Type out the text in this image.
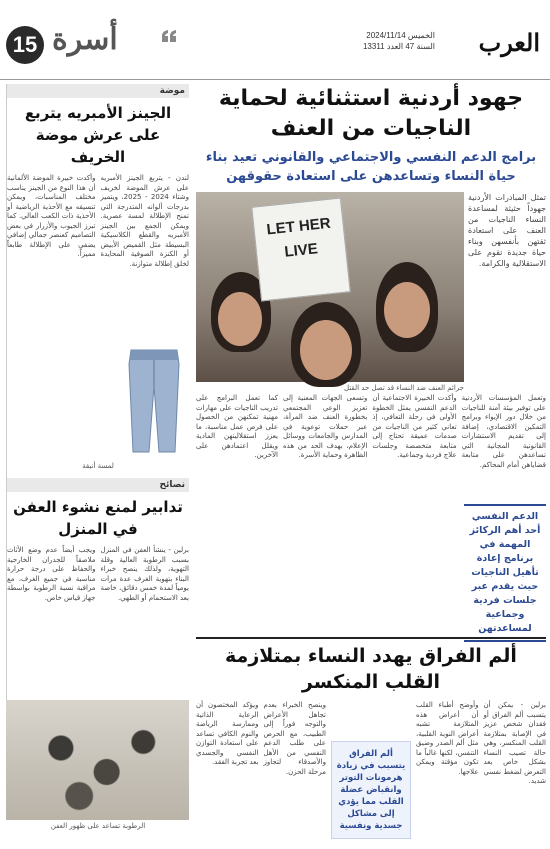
15 أسرة	الخميس 2024/11/14
السنة 47 العدد 13311 العرب
جهود أردنية استثنائية لحماية الناجيات من العنف
برامج الدعم النفسي والاجتماعي والقانوني تعيد بناء حياة النساء وتساعدهن على استعادة حقوقهن
تمثل المبادرات الأردنية جهوداً حثيثة لمساعدة النساء الناجيات من العنف على استعادة ثقتهن بأنفسهن وبناء حياة جديدة تقوم على الاستقلالية والكرامة.
LET HER
LIVE
جرائم العنف ضد النساء قد تصل حد القتل
وتعمل المؤسسات الأردنية على توفير بيئة آمنة للناجيات من خلال دور الإيواء وبرامج التمكين الاقتصادي، إضافة إلى تقديم الاستشارات القانونية المجانية التي تساعدهن على متابعة قضاياهن أمام المحاكم.
وأكدت الخبيرة الاجتماعية أن الدعم النفسي يمثل الخطوة الأولى في رحلة التعافي، إذ تعاني كثير من الناجيات من صدمات عميقة تحتاج إلى متابعة متخصصة وجلسات علاج فردية وجماعية.
وتسعى الجهات المعنية إلى تعزيز الوعي المجتمعي بخطورة العنف ضد المرأة، عبر حملات توعوية في المدارس والجامعات ووسائل الإعلام، بهدف الحد من هذه الظاهرة وحماية الأسرة.
كما تعمل البرامج على تدريب الناجيات على مهارات مهنية تمكنهن من الحصول على فرص عمل مناسبة، ما يعزز استقلاليتهن المادية ويقلل اعتمادهن على الآخرين.
الدعم النفسي أحد أهم الركائز المهمة في برنامج إعادة تأهيل الناجيات حيث يقدم عبر جلسات فردية وجماعية لمساعدتهن
ألم الفراق يهدد النساء بمتلازمة القلب المنكسر
برلين - يمكن أن يتسبب ألم الفراق أو فقدان شخص عزيز في الإصابة بمتلازمة القلب المنكسر، وهي حالة تصيب النساء بشكل خاص بعد التعرض لضغط نفسي شديد.
وأوضح أطباء القلب أن أعراض هذه المتلازمة تشبه أعراض النوبة القلبية، مثل ألم الصدر وضيق التنفس، لكنها غالباً ما تكون مؤقتة ويمكن علاجها.
ألم الفراق يتسبب في زيادة هرمونات التوتر وانقباض عضلة القلب مما يؤدي إلى مشاكل جسدية ونفسية
وينصح الخبراء بعدم تجاهل الأعراض والتوجه فوراً إلى الطبيب، مع الحرص على طلب الدعم النفسي من الأهل والأصدقاء لتجاوز مرحلة الحزن.
ويؤكد المختصون أن الرعاية الذاتية وممارسة الرياضة والنوم الكافي تساعد على استعادة التوازن النفسي والجسدي بعد تجربة الفقد.
موضة
الجينز الأمبريه يتربع على عرش موضة الخريف
لندن - يتربع الجينز الأمبريه على عرش الموضة لخريف وشتاء 2024 - 2025، ويتميز بدرجات ألوانه المتدرجة التي تمنح الإطلالة لمسة عصرية. ويمكن الجمع بين الجينز الأمبريه والقطع الكلاسيكية البسيطة مثل القميص الأبيض أو الكنزة الصوفية المحايدة لخلق إطلالة متوازنة.
وأكدت خبيرة الموضة الألمانية أن هذا النوع من الجينز يناسب مختلف المناسبات، ويمكن تنسيقه مع الأحذية الرياضية أو الأحذية ذات الكعب العالي. كما تبرز الجيوب والأزرار في بعض التصاميم كعنصر جمالي إضافي يضفي على الإطلالة طابعاً مميزاً.
لمسة أنيقة
نصائح
تدابير لمنع نشوء العفن في المنزل
برلين - ينشأ العفن في المنزل بسبب الرطوبة العالية وقلة التهوية، ولذلك ينصح خبراء البناء بتهوية الغرف عدة مرات يومياً لمدة خمس دقائق، خاصة بعد الاستحمام أو الطهي.
ويجب أيضاً عدم وضع الأثاث ملاصقاً للجدران الخارجية والحفاظ على درجة حرارة مناسبة في جميع الغرف، مع مراقبة نسبة الرطوبة بواسطة جهاز قياس خاص.
الرطوبة تساعد على ظهور العفن
